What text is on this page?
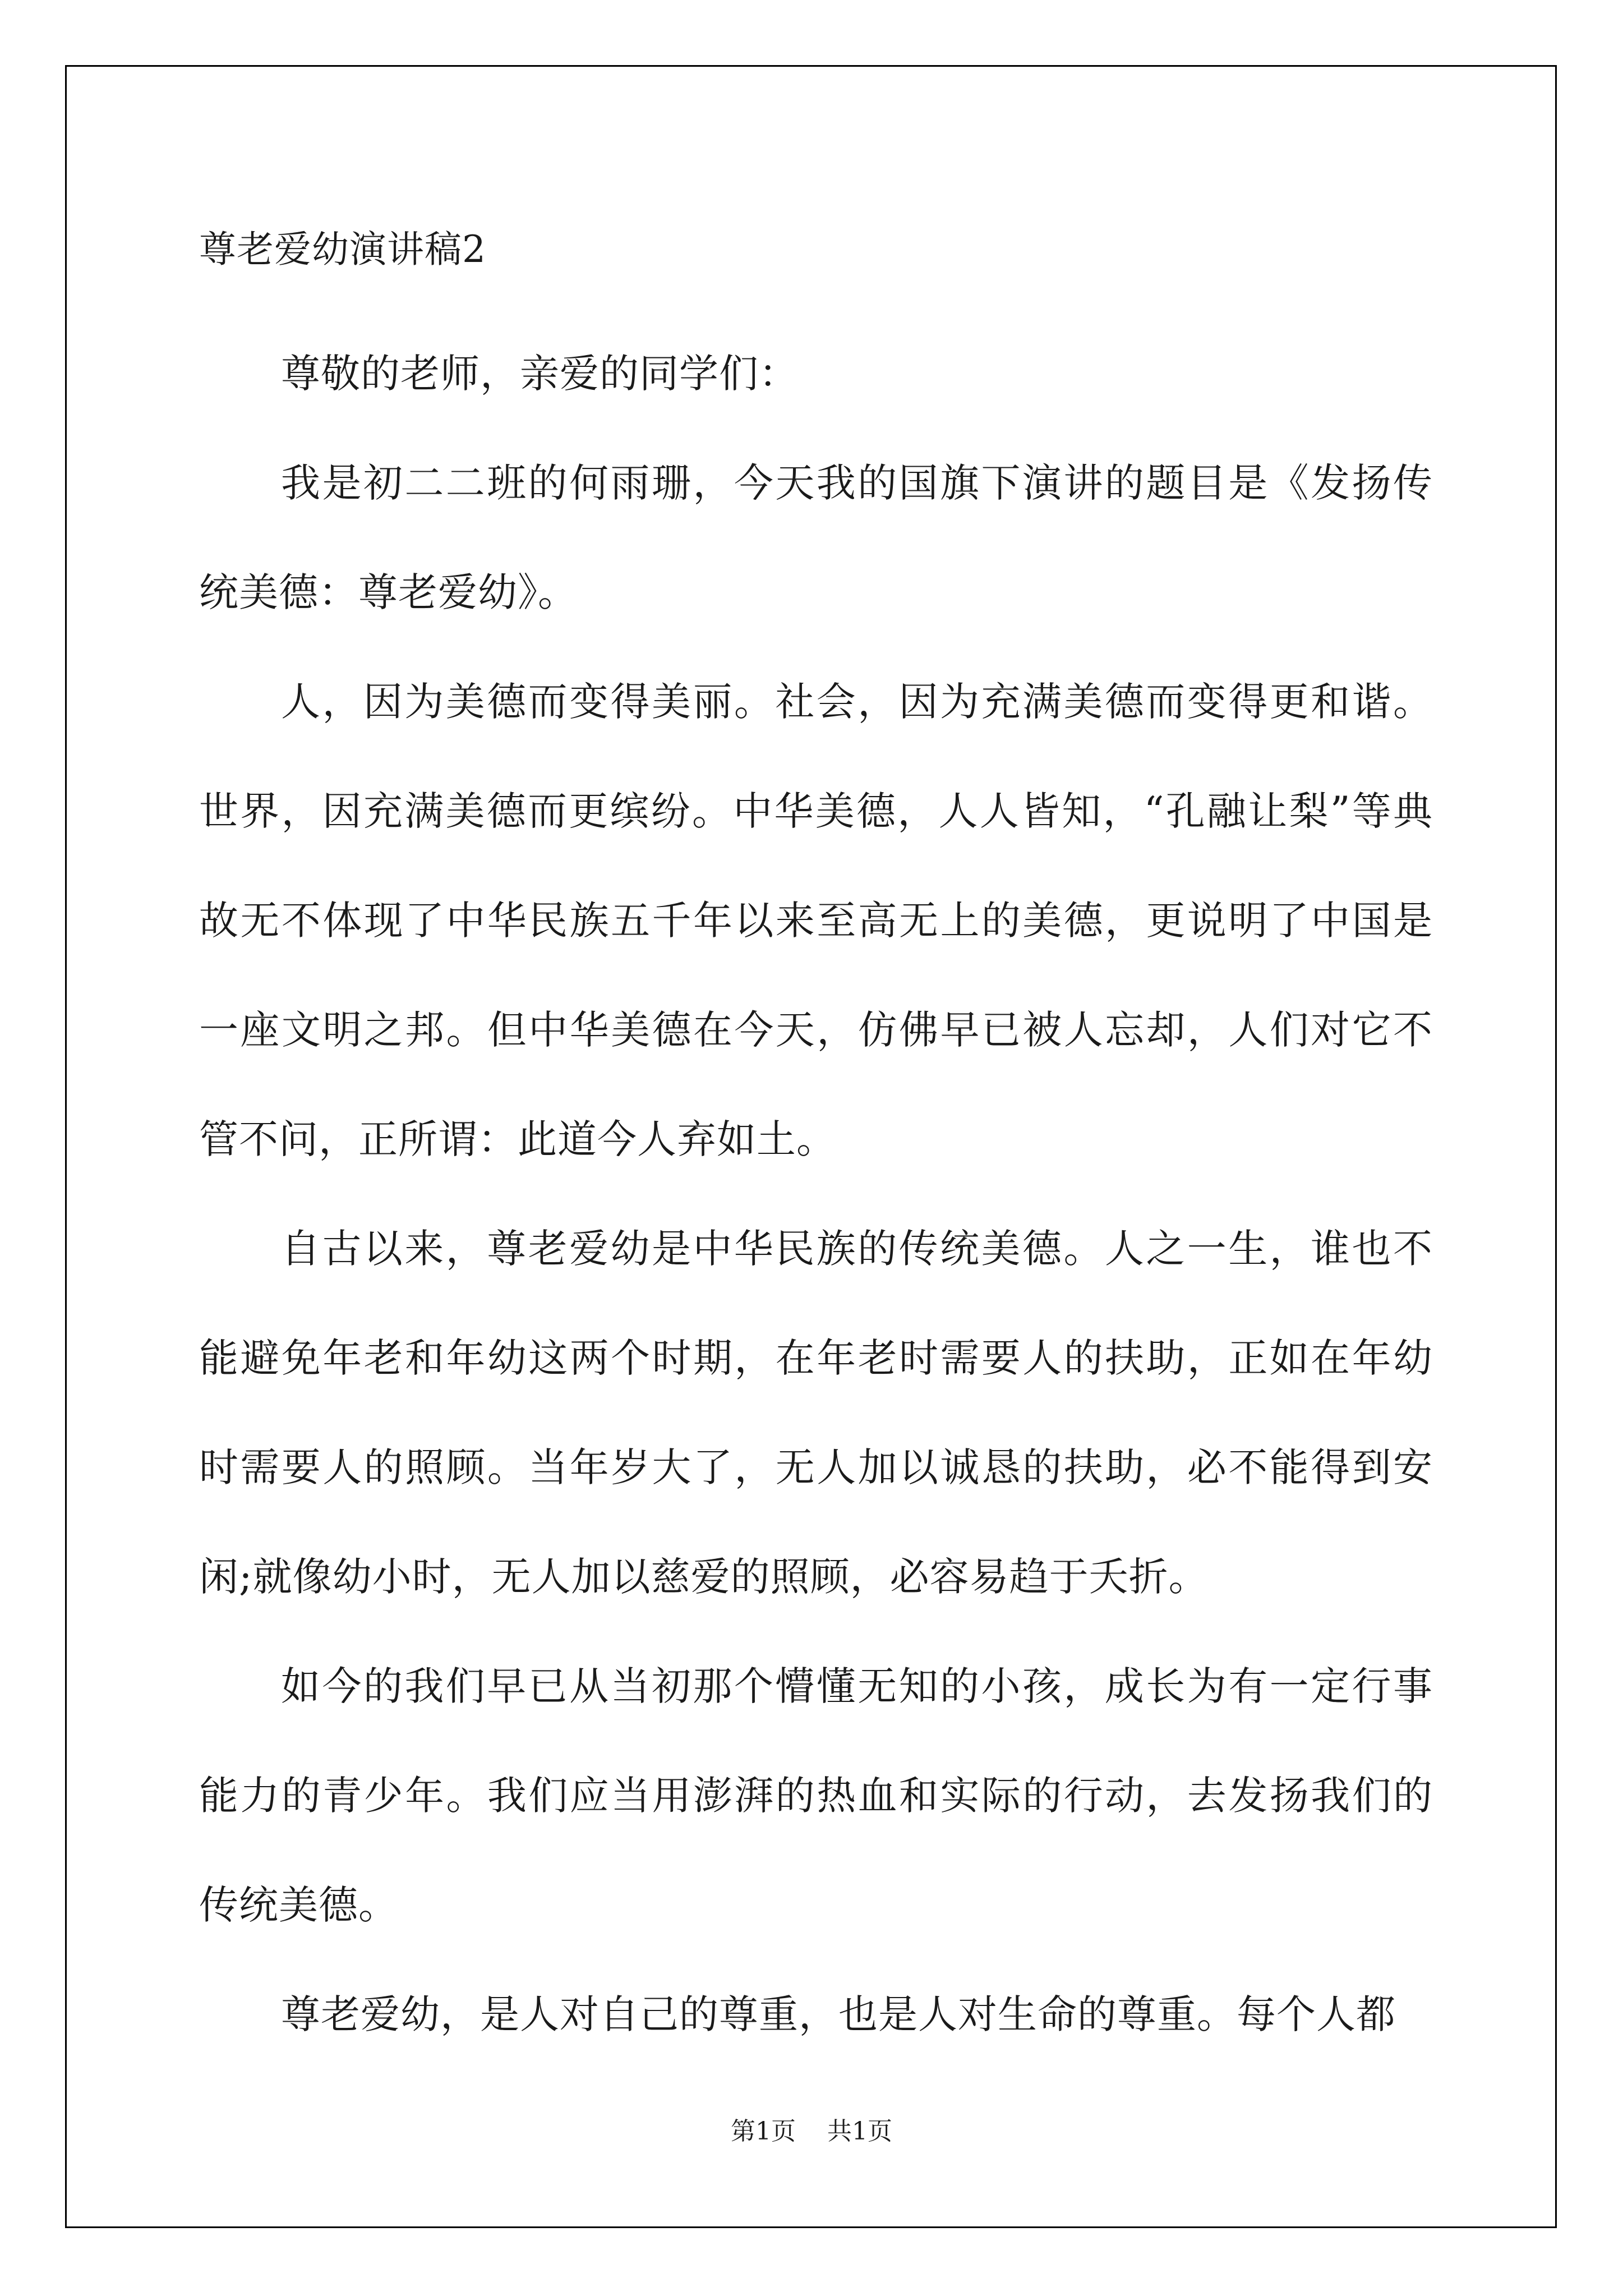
尊老爱幼演讲稿2

尊敬的老师，亲爱的同学们：

我是初二二班的何雨珊，今天我的国旗下演讲的题目是《发扬传统美德：尊老爱幼》。

人，因为美德而变得美丽。社会，因为充满美德而变得更和谐。世界，因充满美德而更缤纷。中华美德，人人皆知，“孔融让梨”等典故无不体现了中华民族五千年以来至高无上的美德，更说明了中国是一座文明之邦。但中华美德在今天，仿佛早已被人忘却，人们对它不管不问，正所谓：此道今人弃如土。

自古以来，尊老爱幼是中华民族的传统美德。人之一生，谁也不能避免年老和年幼这两个时期，在年老时需要人的扶助，正如在年幼时需要人的照顾。当年岁大了，无人加以诚恳的扶助，必不能得到安闲;就像幼小时，无人加以慈爱的照顾，必容易趋于夭折。

如今的我们早已从当初那个懵懂无知的小孩，成长为有一定行事能力的青少年。我们应当用澎湃的热血和实际的行动，去发扬我们的传统美德。

尊老爱幼，是人对自己的尊重，也是人对生命的尊重。每个人都

第1页 共1页
